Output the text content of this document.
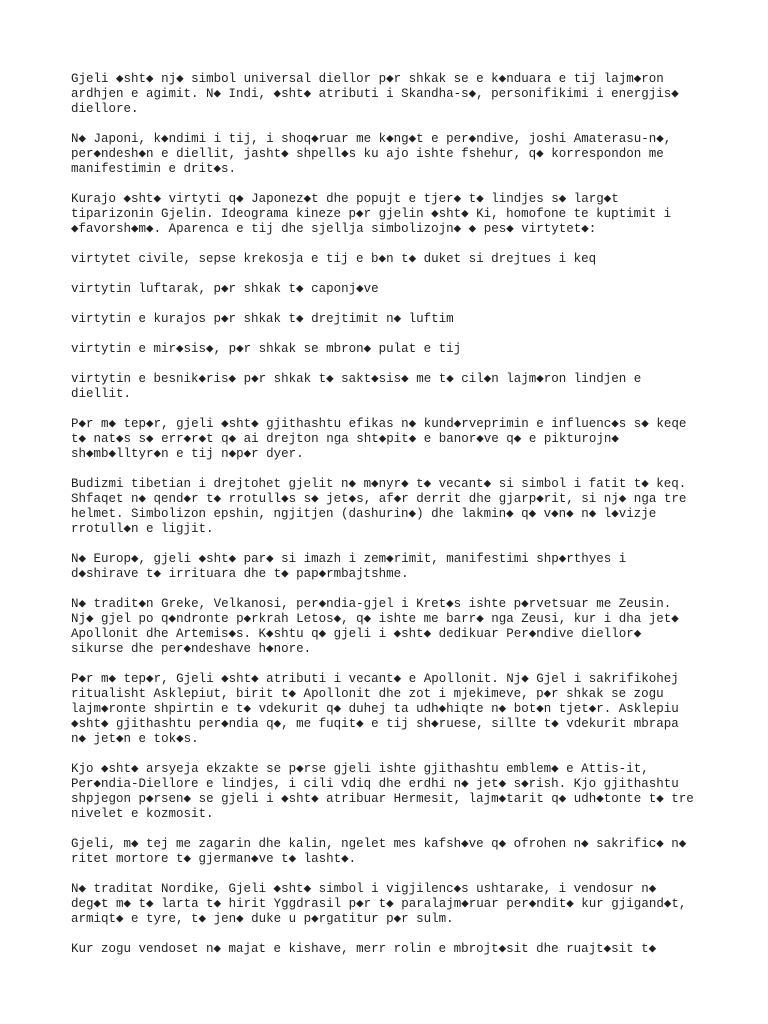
Gjeli ◆sht◆ nj◆ simbol universal diellor p◆r shkak se e k◆nduara e tij lajm◆ron
ardhjen e agimit. N◆ Indi, ◆sht◆ atributi i Skandha-s◆, personifikimi i energjis◆
diellore.

N◆ Japoni, k◆ndimi i tij, i shoq◆ruar me k◆ng◆t e per◆ndive, joshi Amaterasu-n◆,
per◆ndesh◆n e diellit, jasht◆ shpell◆s ku ajo ishte fshehur, q◆ korrespondon me
manifestimin e drit◆s.

Kurajo ◆sht◆ virtyti q◆ Japonez◆t dhe popujt e tjer◆ t◆ lindjes s◆ larg◆t
tiparizonin Gjelin. Ideograma kineze p◆r gjelin ◆sht◆ Ki, homofone te kuptimit i
◆favorsh◆m◆. Aparenca e tij dhe sjellja simbolizojn◆ ◆ pes◆ virtytet◆:

virtytet civile, sepse krekosja e tij e b◆n t◆ duket si drejtues i keq

virtytin luftarak, p◆r shkak t◆ caponj◆ve

virtytin e kurajos p◆r shkak t◆ drejtimit n◆ luftim

virtytin e mir◆sis◆, p◆r shkak se mbron◆ pulat e tij

virtytin e besnik◆ris◆ p◆r shkak t◆ sakt◆sis◆ me t◆ cil◆n lajm◆ron lindjen e
diellit.

P◆r m◆ tep◆r, gjeli ◆sht◆ gjithashtu efikas n◆ kund◆rveprimin e influenc◆s s◆ keqe
t◆ nat◆s s◆ err◆r◆t q◆ ai drejton nga sht◆pit◆ e banor◆ve q◆ e pikturojn◆
sh◆mb◆lltyr◆n e tij n◆p◆r dyer.

Budizmi tibetian i drejtohet gjelit n◆ m◆nyr◆ t◆ vecant◆ si simbol i fatit t◆ keq.
Shfaqet n◆ qend◆r t◆ rrotull◆s s◆ jet◆s, af◆r derrit dhe gjarp◆rit, si nj◆ nga tre
helmet. Simbolizon epshin, ngjitjen (dashurin◆) dhe lakmin◆ q◆ v◆n◆ n◆ l◆vizje
rrotull◆n e ligjit.

N◆ Europ◆, gjeli ◆sht◆ par◆ si imazh i zem◆rimit, manifestimi shp◆rthyes i
d◆shirave t◆ irrituara dhe t◆ pap◆rmbajtshme.

N◆ tradit◆n Greke, Velkanosi, per◆ndia-gjel i Kret◆s ishte p◆rvetsuar me Zeusin.
Nj◆ gjel po q◆ndronte p◆rkrah Letos◆, q◆ ishte me barr◆ nga Zeusi, kur i dha jet◆
Apollonit dhe Artemis◆s. K◆shtu q◆ gjeli i ◆sht◆ dedikuar Per◆ndive diellor◆
sikurse dhe per◆ndeshave h◆nore.

P◆r m◆ tep◆r, Gjeli ◆sht◆ atributi i vecant◆ e Apollonit. Nj◆ Gjel i sakrifikohej
ritualisht Asklepiut, birit t◆ Apollonit dhe zot i mjekimeve, p◆r shkak se zogu
lajm◆ronte shpirtin e t◆ vdekurit q◆ duhej ta udh◆hiqte n◆ bot◆n tjet◆r. Asklepiu
◆sht◆ gjithashtu per◆ndia q◆, me fuqit◆ e tij sh◆ruese, sillte t◆ vdekurit mbrapa
n◆ jet◆n e tok◆s.

Kjo ◆sht◆ arsyeja ekzakte se p◆rse gjeli ishte gjithashtu emblem◆ e Attis-it,
Per◆ndia-Diellore e lindjes, i cili vdiq dhe erdhi n◆ jet◆ s◆rish. Kjo gjithashtu
shpjegon p◆rsen◆ se gjeli i ◆sht◆ atribuar Hermesit, lajm◆tarit q◆ udh◆tonte t◆ tre
nivelet e kozmosit.

Gjeli, m◆ tej me zagarin dhe kalin, ngelet mes kafsh◆ve q◆ ofrohen n◆ sakrific◆ n◆
ritet mortore t◆ gjerman◆ve t◆ lasht◆.

N◆ traditat Nordike, Gjeli ◆sht◆ simbol i vigjilenc◆s ushtarake, i vendosur n◆
deg◆t m◆ t◆ larta t◆ hirit Yggdrasil p◆r t◆ paralajm◆ruar per◆ndit◆ kur gjigand◆t,
armiqt◆ e tyre, t◆ jen◆ duke u p◆rgatitur p◆r sulm.

Kur zogu vendoset n◆ majat e kishave, merr rolin e mbrojt◆sit dhe ruajt◆sit t◆
